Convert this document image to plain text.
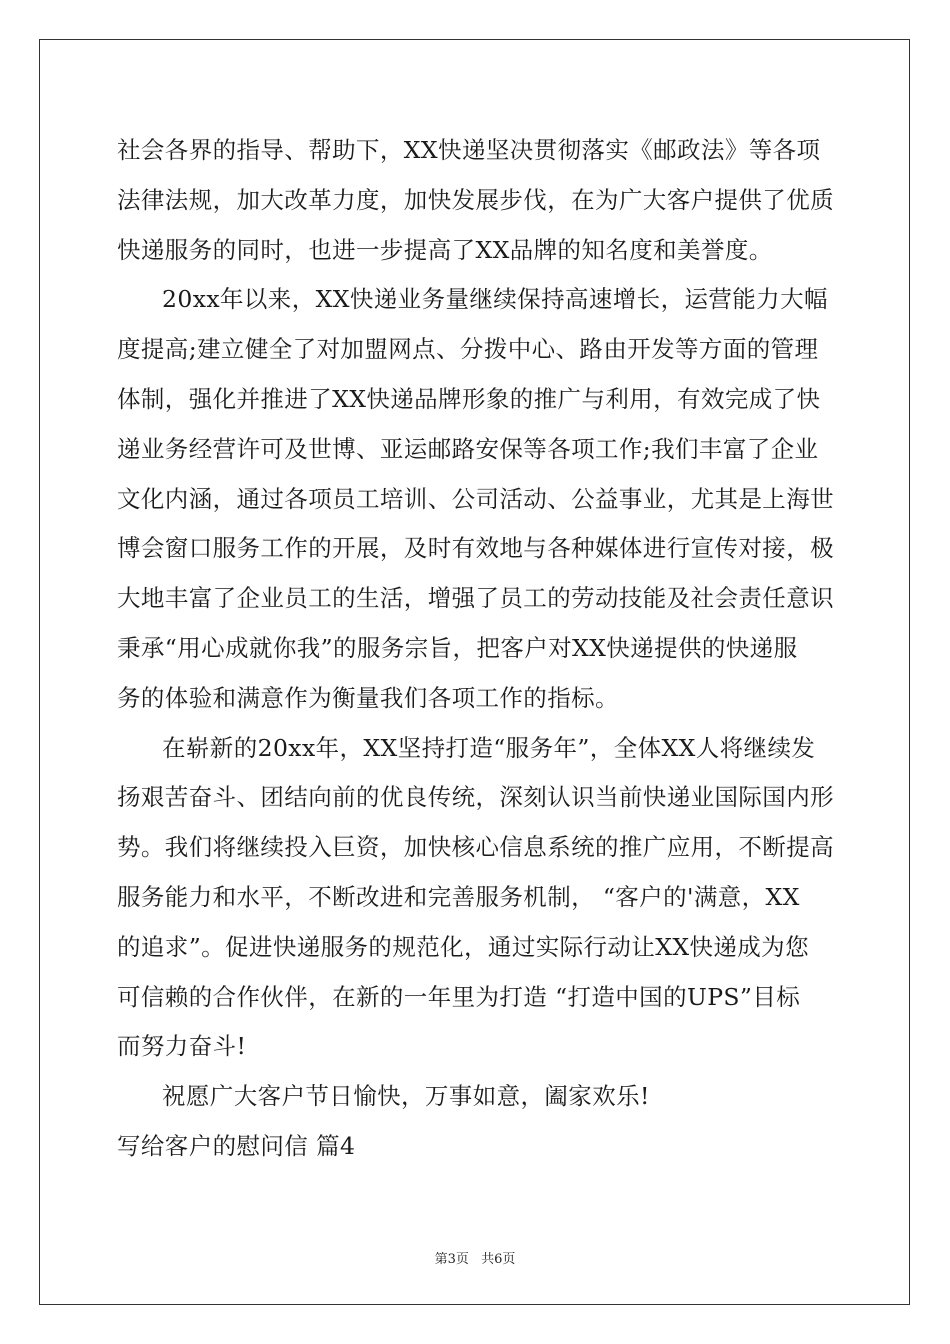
社会各界的指导、帮助下，XX快递坚决贯彻落实《邮政法》等各项
法律法规，加大改革力度，加快发展步伐，在为广大客户提供了优质
快递服务的同时，也进一步提高了XX品牌的知名度和美誉度。
20xx年以来，XX快递业务量继续保持高速增长，运营能力大幅
度提高;建立健全了对加盟网点、分拨中心、路由开发等方面的管理
体制，强化并推进了XX快递品牌形象的推广与利用，有效完成了快
递业务经营许可及世博、亚运邮路安保等各项工作;我们丰富了企业
文化内涵，通过各项员工培训、公司活动、公益事业，尤其是上海世
博会窗口服务工作的开展，及时有效地与各种媒体进行宣传对接，极
大地丰富了企业员工的生活，增强了员工的劳动技能及社会责任意识
秉承“用心成就你我”的服务宗旨，把客户对XX快递提供的快递服
务的体验和满意作为衡量我们各项工作的指标。
在崭新的20xx年，XX坚持打造“服务年”，全体XX人将继续发
扬艰苦奋斗、团结向前的优良传统，深刻认识当前快递业国际国内形
势。我们将继续投入巨资，加快核心信息系统的推广应用，不断提高
服务能力和水平，不断改进和完善服务机制， “客户的'满意，XX
的追求”。促进快递服务的规范化，通过实际行动让XX快递成为您
可信赖的合作伙伴，在新的一年里为打造 “打造中国的UPS”目标
而努力奋斗!
祝愿广大客户节日愉快，万事如意，阖家欢乐!
写给客户的慰问信 篇4
第3页 共6页
